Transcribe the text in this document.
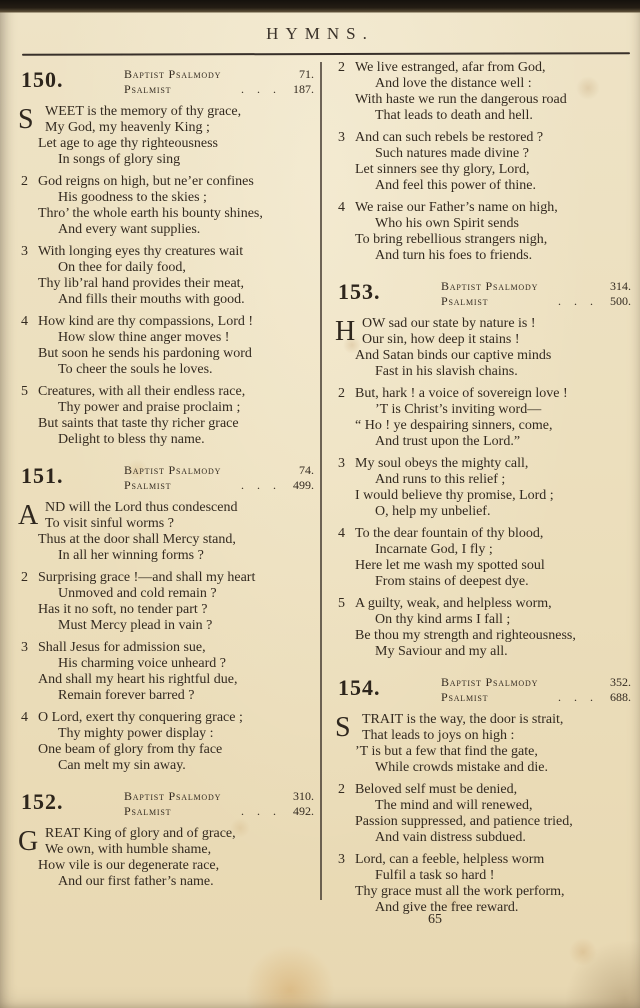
HYMNS.
150.	Baptist Psalmody	71.
Psalmist	. . .	187.
S WEET is the memory of thy grace,
My God, my heavenly King ;
Let age to age thy righteousness
In songs of glory sing
2 God reigns on high, but ne’er confines
His goodness to the skies ;
Thro’ the whole earth his bounty shines,
And every want supplies.
3 With longing eyes thy creatures wait
On thee for daily food,
Thy lib’ral hand provides their meat,
And fills their mouths with good.
4 How kind are thy compassions, Lord !
How slow thine anger moves !
But soon he sends his pardoning word
To cheer the souls he loves.
5 Creatures, with all their endless race,
Thy power and praise proclaim ;
But saints that taste thy richer grace
Delight to bless thy name.
151.	Baptist Psalmody	74.
Psalmist	. . .	499.
A ND will the Lord thus condescend
To visit sinful worms ?
Thus at the door shall Mercy stand,
In all her winning forms ?
2 Surprising grace !—and shall my heart
Unmoved and cold remain ?
Has it no soft, no tender part ?
Must Mercy plead in vain ?
3 Shall Jesus for admission sue,
His charming voice unheard ?
And shall my heart his rightful due,
Remain forever barred ?
4 O Lord, exert thy conquering grace ;
Thy mighty power display :
One beam of glory from thy face
Can melt my sin away.
152.	Baptist Psalmody	310.
Psalmist	. . .	492.
G REAT King of glory and of grace,
We own, with humble shame,
How vile is our degenerate race,
And our first father’s name.
2 We live estranged, afar from God,
And love the distance well :
With haste we run the dangerous road
That leads to death and hell.
3 And can such rebels be restored ?
Such natures made divine ?
Let sinners see thy glory, Lord,
And feel this power of thine.
4 We raise our Father’s name on high,
Who his own Spirit sends
To bring rebellious strangers nigh,
And turn his foes to friends.
153.	Baptist Psalmody	314.
Psalmist	. . .	500.
H OW sad our state by nature is !
Our sin, how deep it stains !
And Satan binds our captive minds
Fast in his slavish chains.
2 But, hark ! a voice of sovereign love !
’T is Christ’s inviting word—
“ Ho ! ye despairing sinners, come,
And trust upon the Lord.”
3 My soul obeys the mighty call,
And runs to this relief ;
I would believe thy promise, Lord ;
O, help my unbelief.
4 To the dear fountain of thy blood,
Incarnate God, I fly ;
Here let me wash my spotted soul
From stains of deepest dye.
5 A guilty, weak, and helpless worm,
On thy kind arms I fall ;
Be thou my strength and righteousness,
My Saviour and my all.
154.	Baptist Psalmody	352.
Psalmist	. . .	688.
S TRAIT is the way, the door is strait,
That leads to joys on high :
’T is but a few that find the gate,
While crowds mistake and die.
2 Beloved self must be denied,
The mind and will renewed,
Passion suppressed, and patience tried,
And vain distress subdued.
3 Lord, can a feeble, helpless worm
Fulfil a task so hard !
Thy grace must all the work perform,
And give the free reward.
65
